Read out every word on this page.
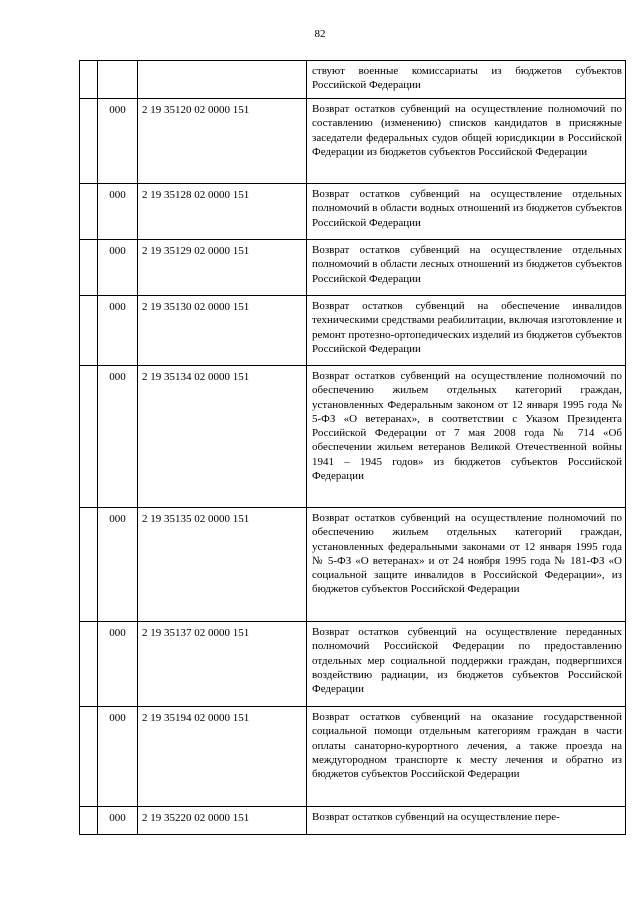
82
			ствуют военные комиссариаты из бюджетов субъектов Российской Федерации
	000	2 19 35120 02 0000 151	Возврат остатков субвенций на осуществление полномочий по составлению (изменению) списков кандидатов в присяжные заседатели федеральных судов общей юрисдикции в Российской Федерации из бюджетов субъектов Российской Федерации
	000	2 19 35128 02 0000 151	Возврат остатков субвенций на осуществление отдельных полномочий в области водных отношений из бюджетов субъектов Российской Федерации
	000	2 19 35129 02 0000 151	Возврат остатков субвенций на осуществление отдельных полномочий в области лесных отношений из бюджетов субъектов Российской Федерации
	000	2 19 35130 02 0000 151	Возврат остатков субвенций на обеспечение инвалидов техническими средствами реабилитации, включая изготовление и ремонт протезно-ортопедических изделий из бюджетов субъектов Российской Федерации
	000	2 19 35134 02 0000 151	Возврат остатков субвенций на осуществление полномочий по обеспечению жильем отдельных категорий граждан, установленных Федеральным законом от 12 января 1995 года № 5-ФЗ «О ветеранах», в соответствии с Указом Президента Российской Федерации от 7 мая 2008 года № 714 «Об обеспечении жильем ветеранов Великой Отечественной войны 1941 – 1945 годов» из бюджетов субъектов Российской Федерации
	000	2 19 35135 02 0000 151	Возврат остатков субвенций на осуществление полномочий по обеспечению жильем отдельных категорий граждан, установленных федеральными законами от 12 января 1995 года № 5-ФЗ «О ветеранах» и от 24 ноября 1995 года № 181-ФЗ «О социальной защите инвалидов в Российской Федерации», из бюджетов субъектов Российской Федерации
	000	2 19 35137 02 0000 151	Возврат остатков субвенций на осуществление переданных полномочий Российской Федерации по предоставлению отдельных мер социальной поддержки граждан, подвергшихся воздействию радиации, из бюджетов субъектов Российской Федерации
	000	2 19 35194 02 0000 151	Возврат остатков субвенций на оказание государственной социальной помощи отдельным категориям граждан в части оплаты санаторно-курортного лечения, а также проезда на междугородном транспорте к месту лечения и обратно из бюджетов субъектов Российской Федерации
	000	2 19 35220 02 0000 151	Возврат остатков субвенций на осуществление пере-
